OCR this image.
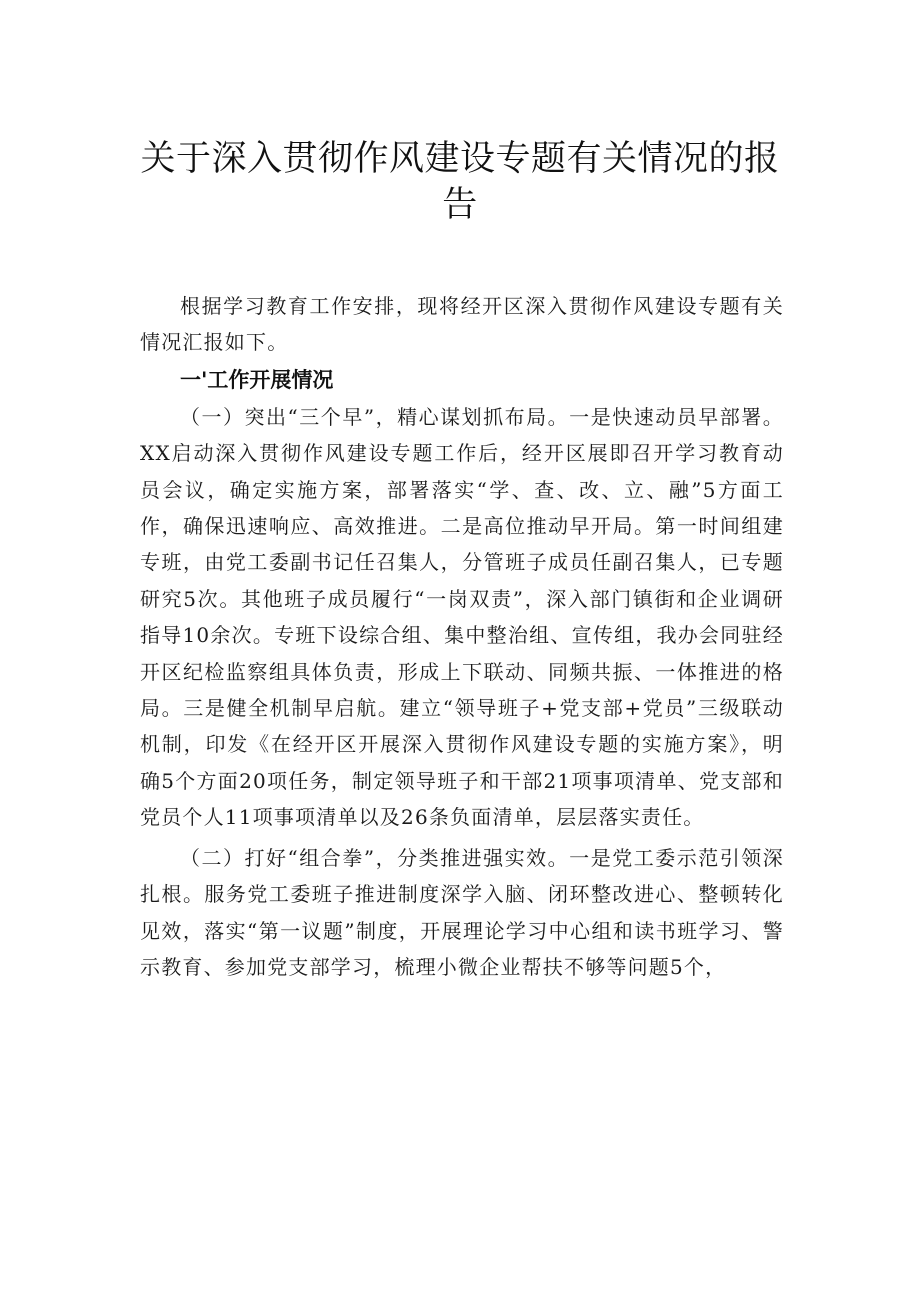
关于深入贯彻作风建设专题有关情况的报告

根据学习教育工作安排，现将经开区深入贯彻作风建设专题有关情况汇报如下。

一'工作开展情况

（一）突出“三个早”，精心谋划抓布局。一是快速动员早部署。XX启动深入贯彻作风建设专题工作后，经开区展即召开学习教育动员会议，确定实施方案，部署落实“学、查、改、立、融”5方面工作，确保迅速响应、高效推进。二是高位推动早开局。第一时间组建专班，由党工委副书记任召集人，分管班子成员任副召集人，已专题研究5次。其他班子成员履行“一岗双责”，深入部门镇街和企业调研指导10余次。专班下设综合组、集中整治组、宣传组，我办会同驻经开区纪检监察组具体负责，形成上下联动、同频共振、一体推进的格局。三是健全机制早启航。建立“领导班子+党支部+党员”三级联动机制，印发《在经开区开展深入贯彻作风建设专题的实施方案》，明确5个方面20项任务，制定领导班子和干部21项事项清单、党支部和党员个人11项事项清单以及26条负面清单，层层落实责任。

（二）打好“组合拳”，分类推进强实效。一是党工委示范引领深扎根。服务党工委班子推进制度深学入脑、闭环整改进心、整顿转化见效，落实“第一议题”制度，开展理论学习中心组和读书班学习、警示教育、参加党支部学习，梳理小微企业帮扶不够等问题5个，
